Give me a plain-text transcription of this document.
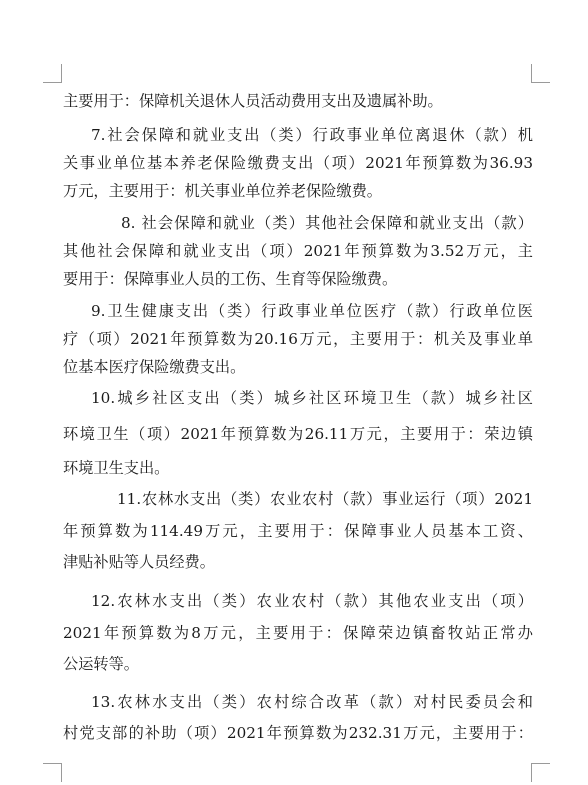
主要用于：保障机关退休人员活动费用支出及遗属补助。
7.社会保障和就业支出（类）行政事业单位离退休（款）机
关事业单位基本养老保险缴费支出（项）2021年预算数为36.93
万元，主要用于：机关事业单位养老保险缴费。
8. 社会保障和就业（类）其他社会保障和就业支出（款）
其他社会保障和就业支出（项）2021年预算数为3.52万元，主
要用于：保障事业人员的工伤、生育等保险缴费。
9.卫生健康支出（类）行政事业单位医疗（款）行政单位医
疗（项）2021年预算数为20.16万元，主要用于：机关及事业单
位基本医疗保险缴费支出。
10.城乡社区支出（类）城乡社区环境卫生（款）城乡社区
环境卫生（项）2021年预算数为26.11万元，主要用于：荣边镇
环境卫生支出。
11.农林水支出（类）农业农村（款）事业运行（项）2021
年预算数为114.49万元，主要用于：保障事业人员基本工资、
津贴补贴等人员经费。
12.农林水支出（类）农业农村（款）其他农业支出（项）
2021年预算数为8万元，主要用于：保障荣边镇畜牧站正常办
公运转等。
13.农林水支出（类）农村综合改革（款）对村民委员会和
村党支部的补助（项）2021年预算数为232.31万元，主要用于：
